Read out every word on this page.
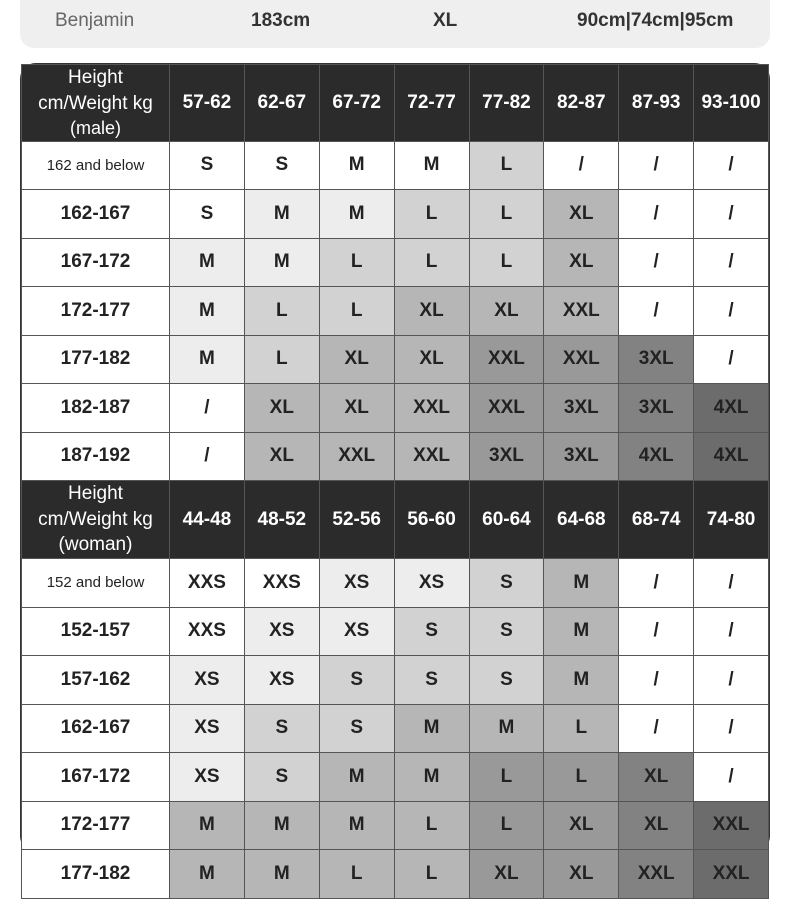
Benjamin	183cm	XL	90cm|74cm|95cm
Height cm/Weight kg
(male)	57-62	62-67	67-72	72-77	77-82	82-87	87-93	93-100
162 and below	S	S	M	M	L	/	/	/
162-167	S	M	M	L	L	XL	/	/
167-172	M	M	L	L	L	XL	/	/
172-177	M	L	L	XL	XL	XXL	/	/
177-182	M	L	XL	XL	XXL	XXL	3XL	/
182-187	/	XL	XL	XXL	XXL	3XL	3XL	4XL
187-192	/	XL	XXL	XXL	3XL	3XL	4XL	4XL

Height cm/Weight kg
(woman)	44-48	48-52	52-56	56-60	60-64	64-68	68-74	74-80
152 and below	XXS	XXS	XS	XS	S	M	/	/
152-157	XXS	XS	XS	S	S	M	/	/
157-162	XS	XS	S	S	S	M	/	/
162-167	XS	S	S	M	M	L	/	/
167-172	XS	S	M	M	L	L	XL	/
172-177	M	M	M	L	L	XL	XL	XXL
177-182	M	M	L	L	XL	XL	XXL	XXL
